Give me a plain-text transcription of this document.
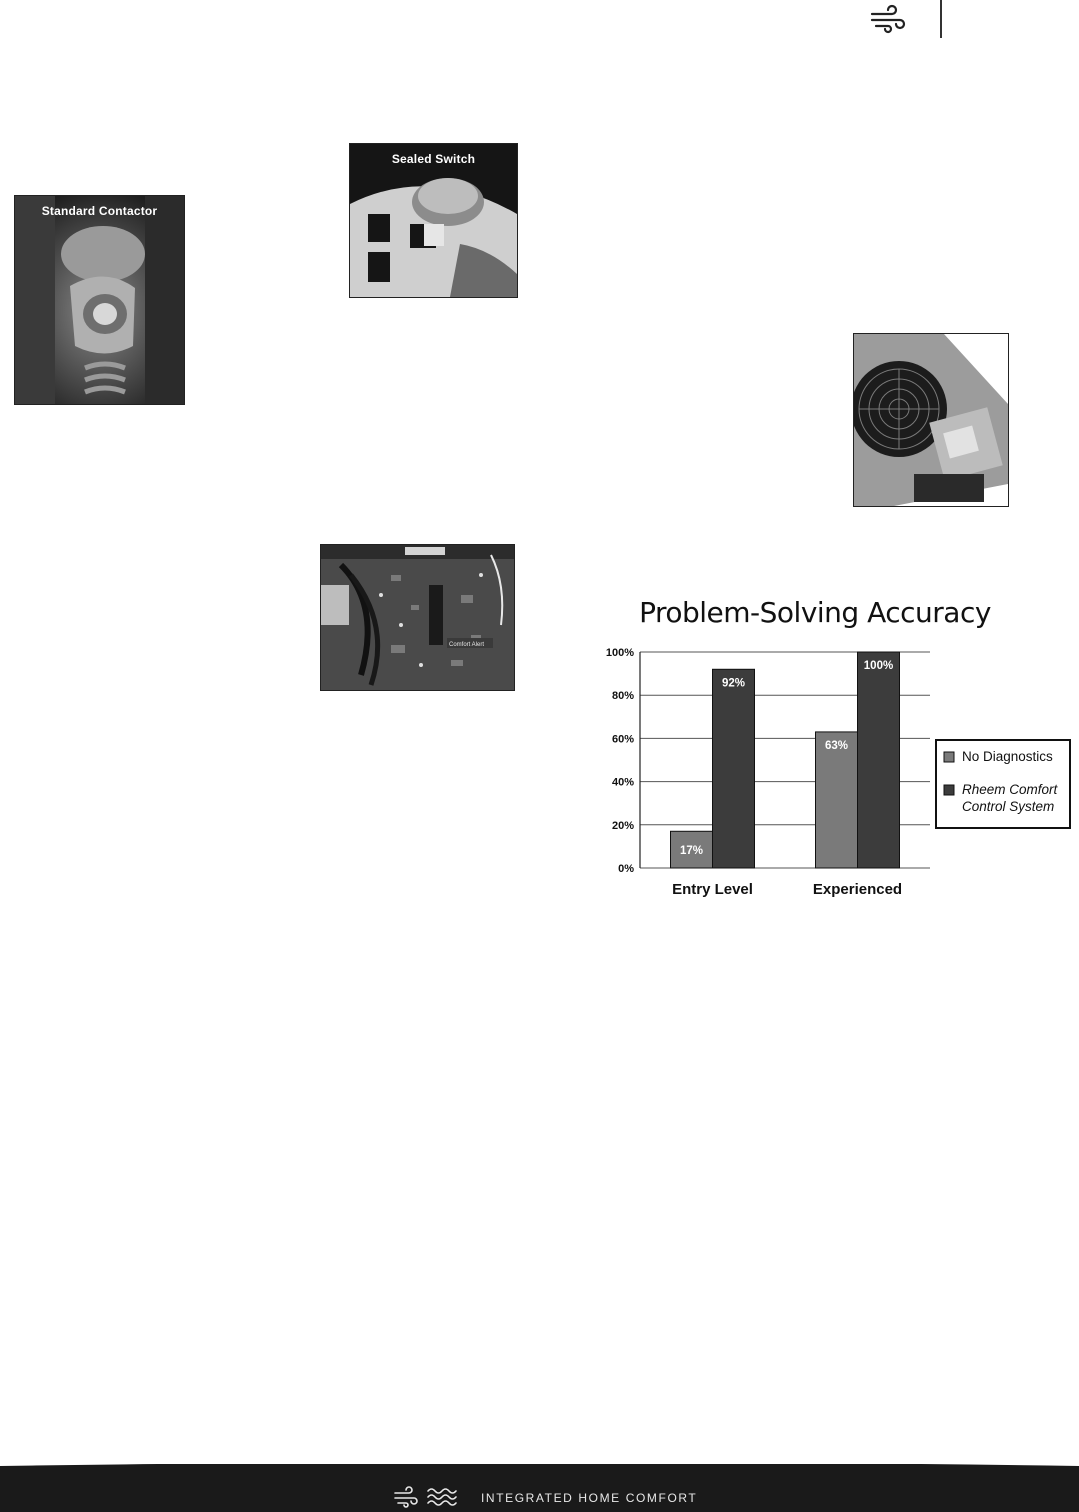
Standard Contactor
Sealed Switch
Comfort Alert
Problem-Solving Accuracy
0%
20%
40%
60%
80%
100%
17%
92%
Entry Level
63%
100%
Experienced
No Diagnostics
Rheem Comfort
Control System
INTEGRATED HOME COMFORT
